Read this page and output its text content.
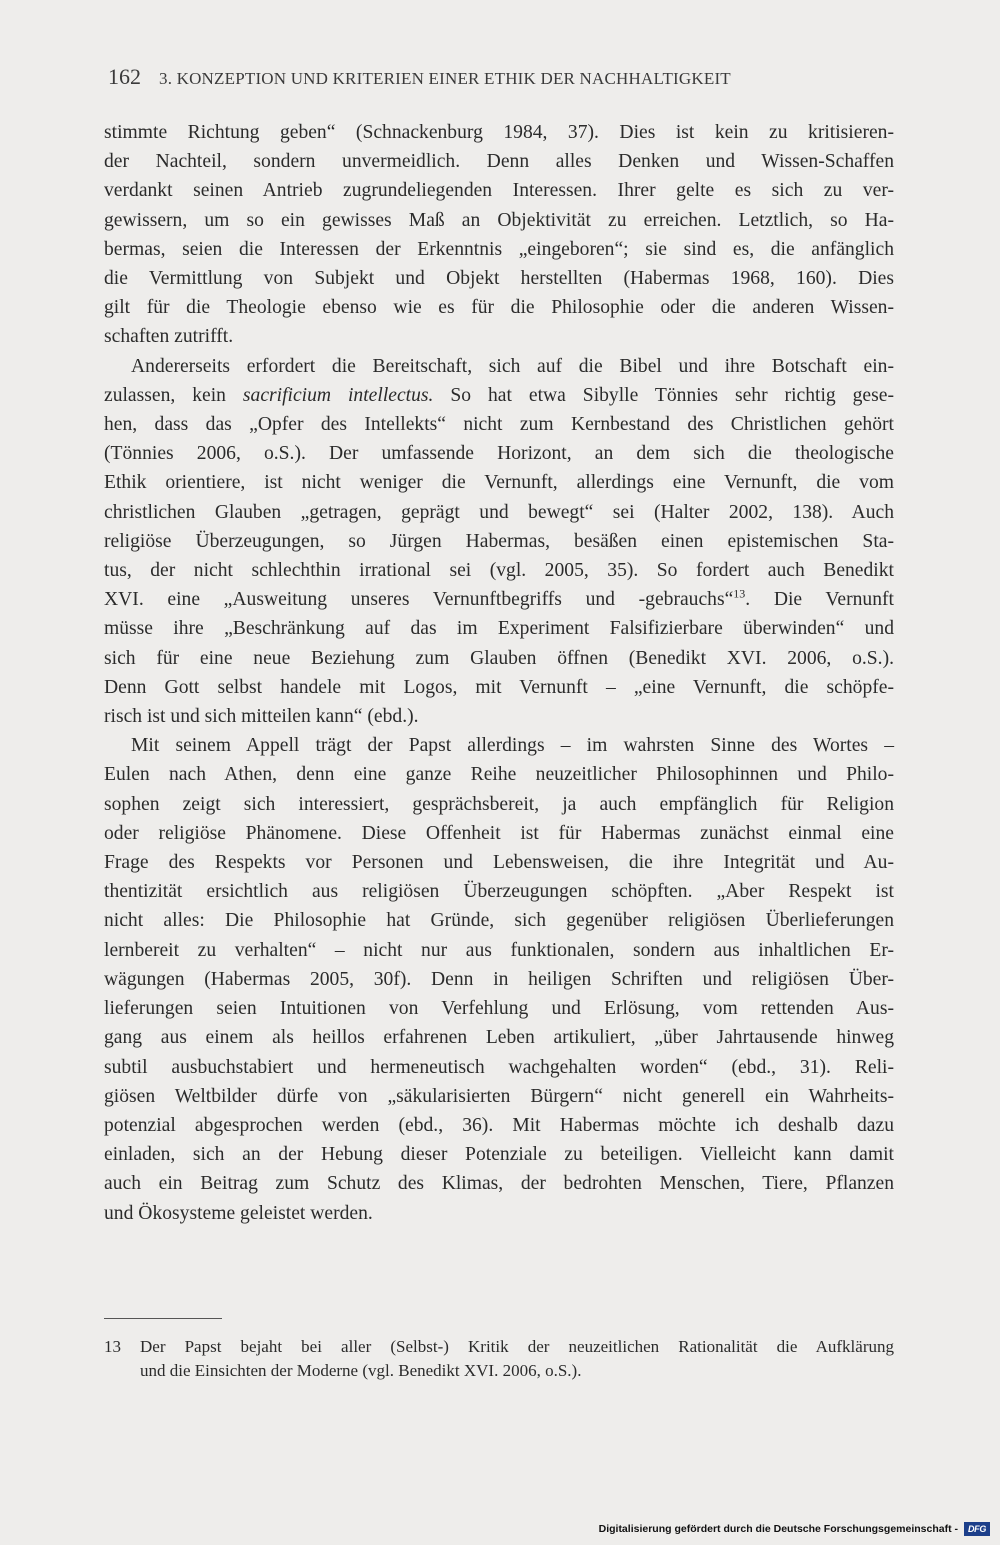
162 3. KONZEPTION UND KRITERIEN EINER ETHIK DER NACHHALTIGKEIT

stimmte Richtung geben“ (Schnackenburg 1984, 37). Dies ist kein zu kritisieren-
der Nachteil, sondern unvermeidlich. Denn alles Denken und Wissen-Schaffen
verdankt seinen Antrieb zugrundeliegenden Interessen. Ihrer gelte es sich zu ver-
gewissern, um so ein gewisses Maß an Objektivität zu erreichen. Letztlich, so Ha-
bermas, seien die Interessen der Erkenntnis „eingeboren“; sie sind es, die anfänglich
die Vermittlung von Subjekt und Objekt herstellten (Habermas 1968, 160). Dies
gilt für die Theologie ebenso wie es für die Philosophie oder die anderen Wissen-
schaften zutrifft.

Andererseits erfordert die Bereitschaft, sich auf die Bibel und ihre Botschaft ein-
zulassen, kein sacrificium intellectus. So hat etwa Sibylle Tönnies sehr richtig gese-
hen, dass das „Opfer des Intellekts“ nicht zum Kernbestand des Christlichen gehört
(Tönnies 2006, o.S.). Der umfassende Horizont, an dem sich die theologische
Ethik orientiere, ist nicht weniger die Vernunft, allerdings eine Vernunft, die vom
christlichen Glauben „getragen, geprägt und bewegt“ sei (Halter 2002, 138). Auch
religiöse Überzeugungen, so Jürgen Habermas, besäßen einen epistemischen Sta-
tus, der nicht schlechthin irrational sei (vgl. 2005, 35). So fordert auch Benedikt
XVI. eine „Ausweitung unseres Vernunftbegriffs und -gebrauchs“$^{13}$. Die Vernunft
müsse ihre „Beschränkung auf das im Experiment Falsifizierbare überwinden“ und
sich für eine neue Beziehung zum Glauben öffnen (Benedikt XVI. 2006, o.S.).
Denn Gott selbst handele mit Logos, mit Vernunft – „eine Vernunft, die schöpfe-
risch ist und sich mitteilen kann“ (ebd.).

Mit seinem Appell trägt der Papst allerdings – im wahrsten Sinne des Wortes –
Eulen nach Athen, denn eine ganze Reihe neuzeitlicher Philosophinnen und Philo-
sophen zeigt sich interessiert, gesprächsbereit, ja auch empfänglich für Religion
oder religiöse Phänomene. Diese Offenheit ist für Habermas zunächst einmal eine
Frage des Respekts vor Personen und Lebensweisen, die ihre Integrität und Au-
thentizität ersichtlich aus religiösen Überzeugungen schöpften. „Aber Respekt ist
nicht alles: Die Philosophie hat Gründe, sich gegenüber religiösen Überlieferungen
lernbereit zu verhalten“ – nicht nur aus funktionalen, sondern aus inhaltlichen Er-
wägungen (Habermas 2005, 30f). Denn in heiligen Schriften und religiösen Über-
lieferungen seien Intuitionen von Verfehlung und Erlösung, vom rettenden Aus-
gang aus einem als heillos erfahrenen Leben artikuliert, „über Jahrtausende hinweg
subtil ausbuchstabiert und hermeneutisch wachgehalten worden“ (ebd., 31). Reli-
giösen Weltbilder dürfe von „säkularisierten Bürgern“ nicht generell ein Wahrheits-
potenzial abgesprochen werden (ebd., 36). Mit Habermas möchte ich deshalb dazu
einladen, sich an der Hebung dieser Potenziale zu beteiligen. Vielleicht kann damit
auch ein Beitrag zum Schutz des Klimas, der bedrohten Menschen, Tiere, Pflanzen
und Ökosysteme geleistet werden.

13 Der Papst bejaht bei aller (Selbst-) Kritik der neuzeitlichen Rationalität die Aufklärung
und die Einsichten der Moderne (vgl. Benedikt XVI. 2006, o.S.).
Digitalisierung gefördert durch die Deutsche Forschungsgemeinschaft -	DFG
